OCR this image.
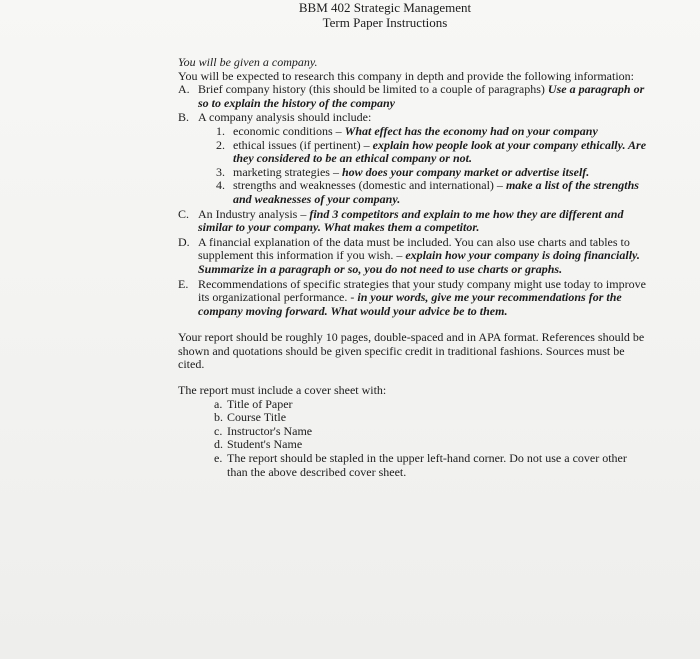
BBM 402 Strategic Management
Term Paper Instructions

You will be given a company.

You will be expected to research this company in depth and provide the following information:

A. Brief company history (this should be limited to a couple of paragraphs) Use a paragraph or so to explain the history of the company
B. A company analysis should include:
1. economic conditions – What effect has the economy had on your company
2. ethical issues (if pertinent) – explain how people look at your company ethically. Are they considered to be an ethical company or not.
3. marketing strategies – how does your company market or advertise itself.
4. strengths and weaknesses (domestic and international) – make a list of the strengths and weaknesses of your company.
C. An Industry analysis – find 3 competitors and explain to me how they are different and similar to your company. What makes them a competitor.
D. A financial explanation of the data must be included. You can also use charts and tables to supplement this information if you wish. – explain how your company is doing financially. Summarize in a paragraph or so, you do not need to use charts or graphs.
E. Recommendations of specific strategies that your study company might use today to improve its organizational performance. - in your words, give me your recommendations for the company moving forward. What would your advice be to them.

Your report should be roughly 10 pages, double-spaced and in APA format. References should be shown and quotations should be given specific credit in traditional fashions. Sources must be cited.

The report must include a cover sheet with:

a. Title of Paper
b. Course Title
c. Instructor's Name
d. Student's Name
e. The report should be stapled in the upper left-hand corner. Do not use a cover other than the above described cover sheet.
